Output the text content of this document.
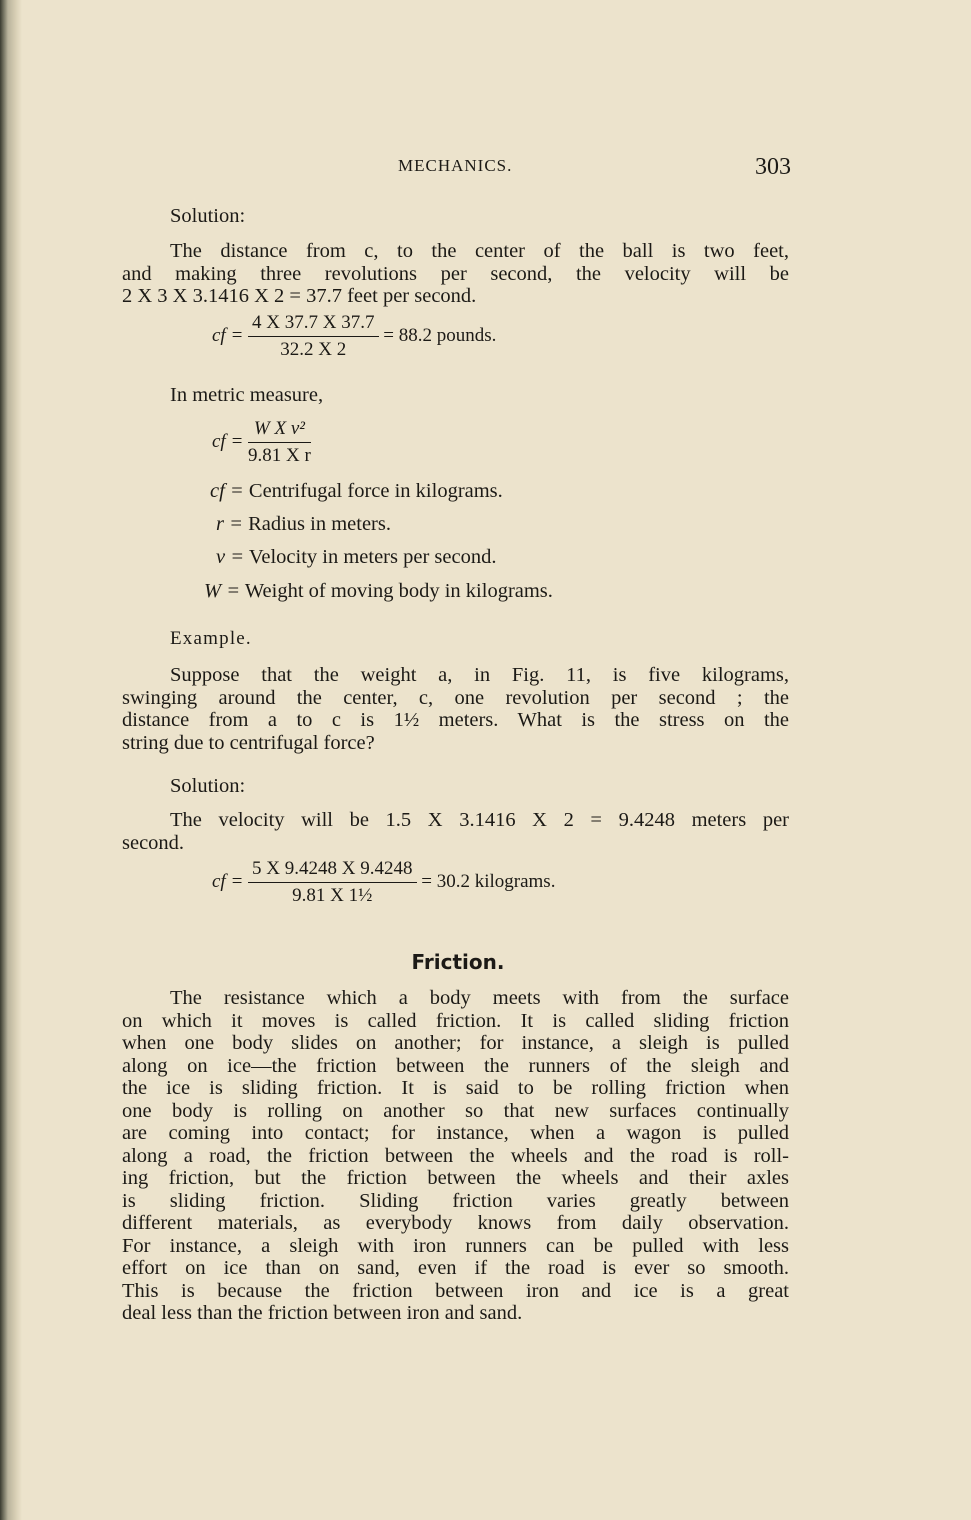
MECHANICS.	303
Solution:
The distance from c, to the center of the ball is two feet,
and making three revolutions per second, the velocity will be
2 X 3 X 3.1416 X 2 = 37.7 feet per second.
cf = $\frac{4 X 37.7 X 37.7}{32.2 X 2} = 88.2$ pounds.
In metric measure,
cf = $\frac{\text{W X v²}}{\text{9.81 X r}}$
cf = Centrifugal force in kilograms.
r = Radius in meters.
v = Velocity in meters per second.
W = Weight of moving body in kilograms.
Example.
Suppose that the weight a, in Fig. 11, is five kilograms,
swinging around the center, c, one revolution per second ; the
distance from a to c is 1½ meters. What is the stress on the
string due to centrifugal force?
Solution:
The velocity will be 1.5 X 3.1416 X 2 = 9.4248 meters per
second.
cf = $\frac{5 X 9.4248 X 9.4248}{\text{9.81 X 1½}} = 30.2$ kilograms.
Friction.
The resistance which a body meets with from the surface
on which it moves is called friction. It is called sliding friction
when one body slides on another; for instance, a sleigh is pulled
along on ice—the friction between the runners of the sleigh and
the ice is sliding friction. It is said to be rolling friction when
one body is rolling on another so that new surfaces continually
are coming into contact; for instance, when a wagon is pulled
along a road, the friction between the wheels and the road is roll-
ing friction, but the friction between the wheels and their axles
is sliding friction. Sliding friction varies greatly between
different materials, as everybody knows from daily observation.
For instance, a sleigh with iron runners can be pulled with less
effort on ice than on sand, even if the road is ever so smooth.
This is because the friction between iron and ice is a great
deal less than the friction between iron and sand.
